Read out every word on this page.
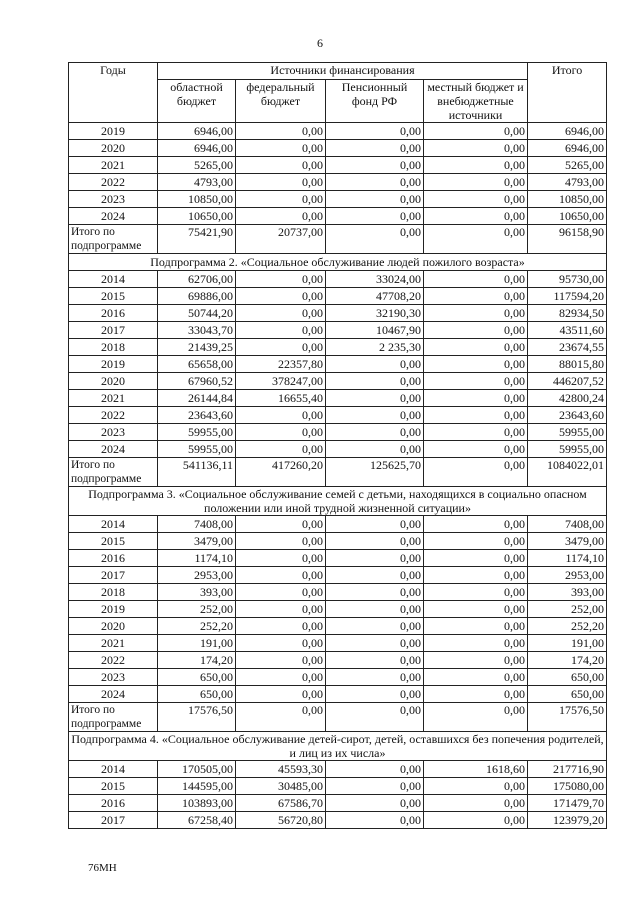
6
Годы	Источники финансирования				Итого
	областной бюджет	федеральный бюджет	Пенсионный фонд РФ	местный бюджет и внебюджетные источники	
2019	6946,00	0,00	0,00	0,00	6946,00
2020	6946,00	0,00	0,00	0,00	6946,00
2021	5265,00	0,00	0,00	0,00	5265,00
2022	4793,00	0,00	0,00	0,00	4793,00
2023	10850,00	0,00	0,00	0,00	10850,00
2024	10650,00	0,00	0,00	0,00	10650,00
Итого по подпрограмме	75421,90	20737,00	0,00	0,00	96158,90
Подпрограмма 2. «Социальное обслуживание людей пожилого возраста»					
2014	62706,00	0,00	33024,00	0,00	95730,00
2015	69886,00	0,00	47708,20	0,00	117594,20
2016	50744,20	0,00	32190,30	0,00	82934,50
2017	33043,70	0,00	10467,90	0,00	43511,60
2018	21439,25	0,00	2 235,30	0,00	23674,55
2019	65658,00	22357,80	0,00	0,00	88015,80
2020	67960,52	378247,00	0,00	0,00	446207,52
2021	26144,84	16655,40	0,00	0,00	42800,24
2022	23643,60	0,00	0,00	0,00	23643,60
2023	59955,00	0,00	0,00	0,00	59955,00
2024	59955,00	0,00	0,00	0,00	59955,00
Итого по подпрограмме	541136,11	417260,20	125625,70	0,00	1084022,01
Подпрограмма 3. «Социальное обслуживание семей с детьми, находящихся в социально опасном положении или иной трудной жизненной ситуации»					
2014	7408,00	0,00	0,00	0,00	7408,00
2015	3479,00	0,00	0,00	0,00	3479,00
2016	1174,10	0,00	0,00	0,00	1174,10
2017	2953,00	0,00	0,00	0,00	2953,00
2018	393,00	0,00	0,00	0,00	393,00
2019	252,00	0,00	0,00	0,00	252,00
2020	252,20	0,00	0,00	0,00	252,20
2021	191,00	0,00	0,00	0,00	191,00
2022	174,20	0,00	0,00	0,00	174,20
2023	650,00	0,00	0,00	0,00	650,00
2024	650,00	0,00	0,00	0,00	650,00
Итого по подпрограмме	17576,50	0,00	0,00	0,00	17576,50
Подпрограмма 4. «Социальное обслуживание детей-сирот, детей, оставшихся без попечения родителей, и лиц из их числа»					
2014	170505,00	45593,30	0,00	1618,60	217716,90
2015	144595,00	30485,00	0,00	0,00	175080,00
2016	103893,00	67586,70	0,00	0,00	171479,70
2017	67258,40	56720,80	0,00	0,00	123979,20
76МН
